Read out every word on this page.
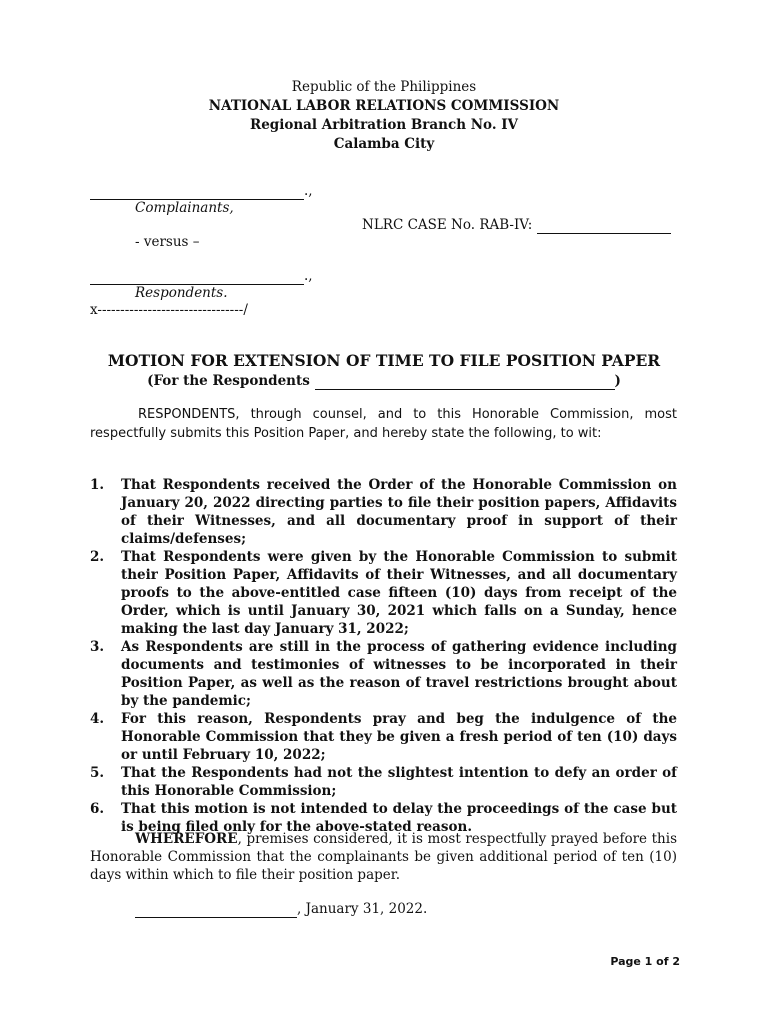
Republic of the Philippines
NATIONAL LABOR RELATIONS COMMISSION
Regional Arbitration Branch No. IV
Calamba City
.,
Complainants,
NLRC CASE No. RAB-IV:
- versus –
.,
Respondents.
x--------------------------------/
MOTION FOR EXTENSION OF TIME TO FILE POSITION PAPER
(For the Respondents	)
RESPONDENTS, through counsel, and to this Honorable Commission, most respectfully submits this Position Paper, and hereby state the following, to wit:
1.	That Respondents received the Order of the Honorable Commission on January 20, 2022 directing parties to file their position papers, Affidavits of their Witnesses, and all documentary proof in support of their claims/defenses;
2.	That Respondents were given by the Honorable Commission to submit their Position Paper, Affidavits of their Witnesses, and all documentary proofs to the above-entitled case fifteen (10) days from receipt of the Order, which is until January 30, 2021 which falls on a Sunday, hence making the last day January 31, 2022;
3.	As Respondents are still in the process of gathering evidence including documents and testimonies of witnesses to be incorporated in their Position Paper, as well as the reason of travel restrictions brought about by the pandemic;
4.	For this reason, Respondents pray and beg the indulgence of the Honorable Commission that they be given a fresh period of ten (10) days or until February 10, 2022;
5.	That the Respondents had not the slightest intention to defy an order of this Honorable Commission;
6.	That this motion is not intended to delay the proceedings of the case but is being filed only for the above-stated reason.
WHEREFORE, premises considered, it is most respectfully prayed before this Honorable Commission that the complainants be given additional period of ten (10) days within which to file their position paper.
, January 31, 2022.
Page 1 of 2
